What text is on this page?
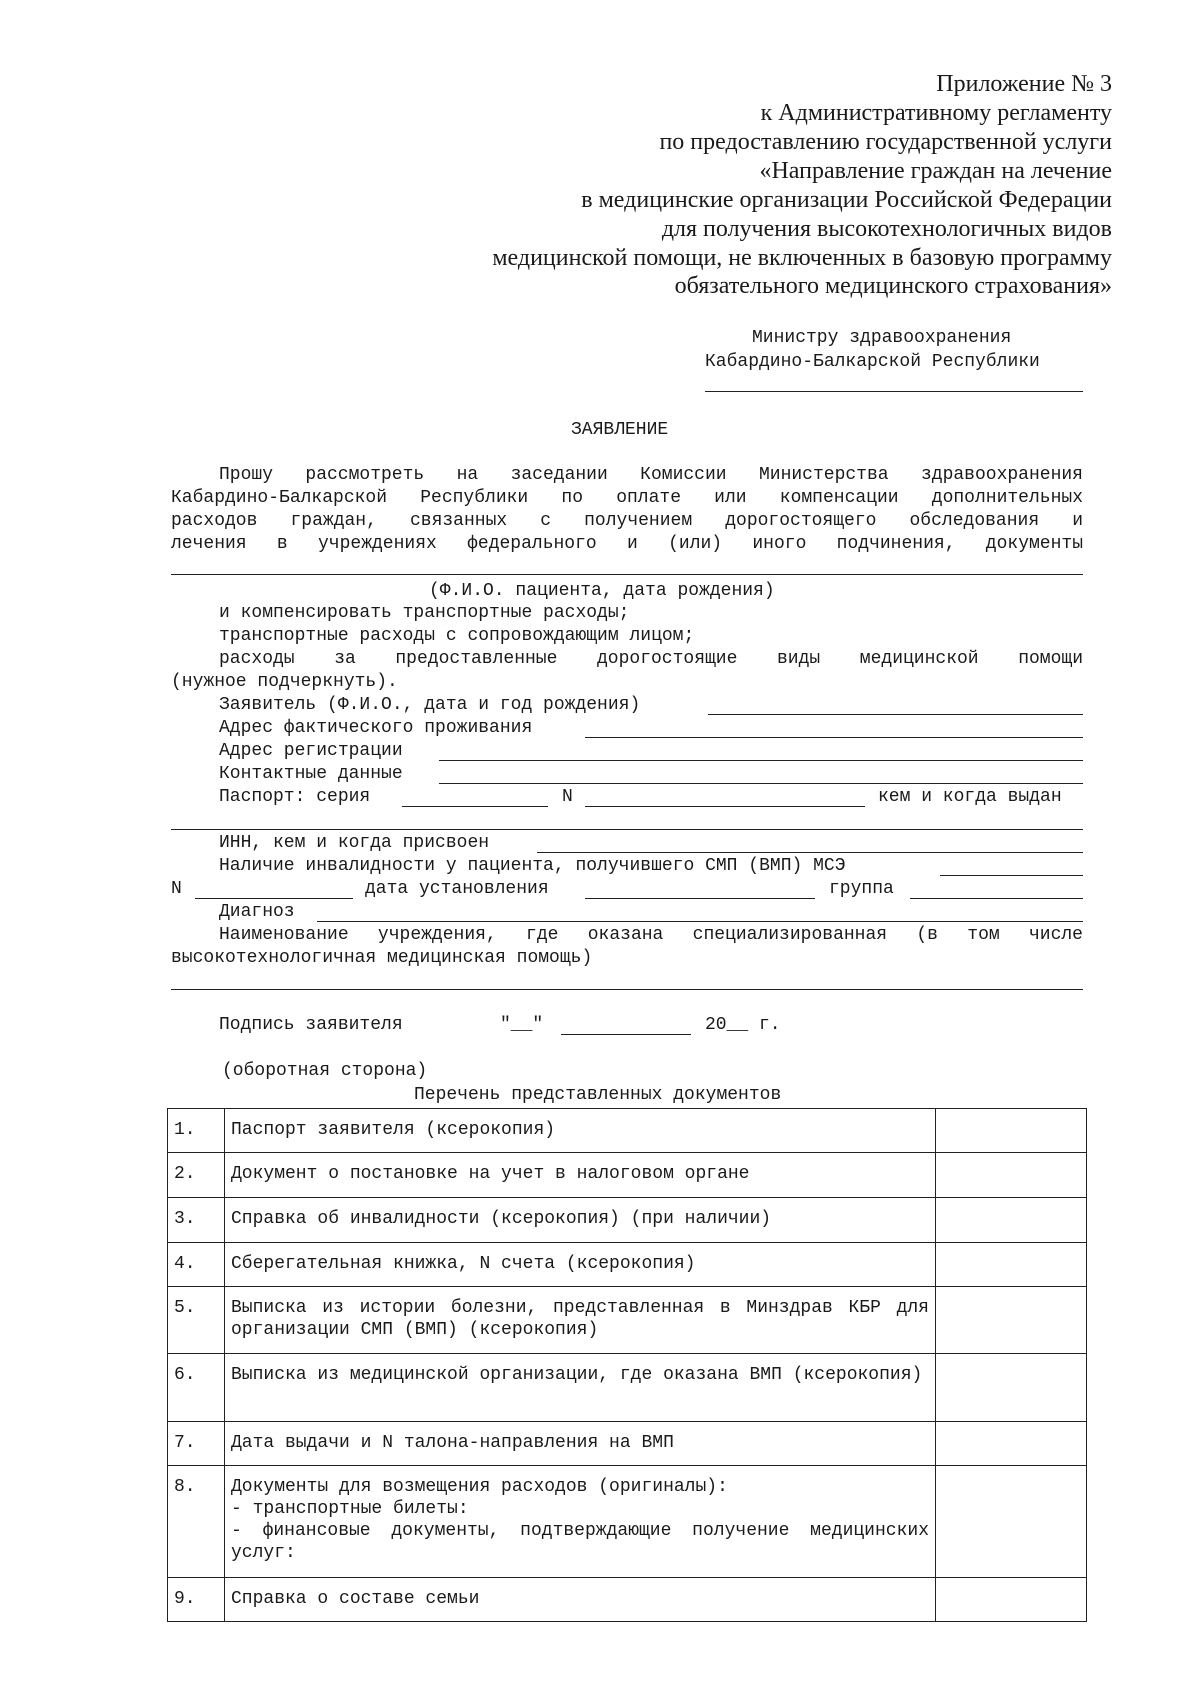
Приложение № 3
к Административному регламенту
по предоставлению государственной услуги
«Направление граждан на лечение
в медицинские организации Российской Федерации
для получения высокотехнологичных видов
медицинской помощи, не включенных в базовую программу
обязательного медицинского страхования»
Министру здравоохранения
Кабардино-Балкарской Республики
ЗАЯВЛЕНИЕ
Прошу рассмотреть на заседании Комиссии Министерства здравоохранения
Кабардино-Балкарской Республики по оплате или компенсации дополнительных
расходов граждан, связанных с получением дорогостоящего обследования и
лечения в учреждениях федерального и (или) иного подчинения, документы
(Ф.И.О. пациента, дата рождения)
и компенсировать транспортные расходы;
транспортные расходы с сопровождающим лицом;
расходы за предоставленные дорогостоящие виды медицинской помощи
(нужное подчеркнуть).
Заявитель (Ф.И.О., дата и год рождения)
Адрес фактического проживания
Адрес регистрации
Контактные данные
Паспорт: серия	N	кем и когда выдан
ИНН, кем и когда присвоен
Наличие инвалидности у пациента, получившего СМП (ВМП) МСЭ
N	дата установления	группа
Диагноз
Наименование учреждения, где оказана специализированная (в том числе
высокотехнологичная медицинская помощь)
Подпись заявителя	"__"	20__ г.
(оборотная сторона)
Перечень представленных документов
1.	Паспорт заявителя (ксерокопия)	
2.	Документ о постановке на учет в налоговом органе	
3.	Справка об инвалидности (ксерокопия) (при наличии)	
4.	Сберегательная книжка, N счета (ксерокопия)	
5.	Выписка из истории болезни, представленная в Минздрав КБР для организации СМП (ВМП) (ксерокопия)	
6.	Выписка из медицинской организации, где оказана ВМП (ксерокопия)	
7.	Дата выдачи и N талона-направления на ВМП	
8.	Документы для возмещения расходов (оригиналы):
- транспортные билеты:
- финансовые документы, подтверждающие получение медицинских услуг:	

9.	Справка о составе семьи	
